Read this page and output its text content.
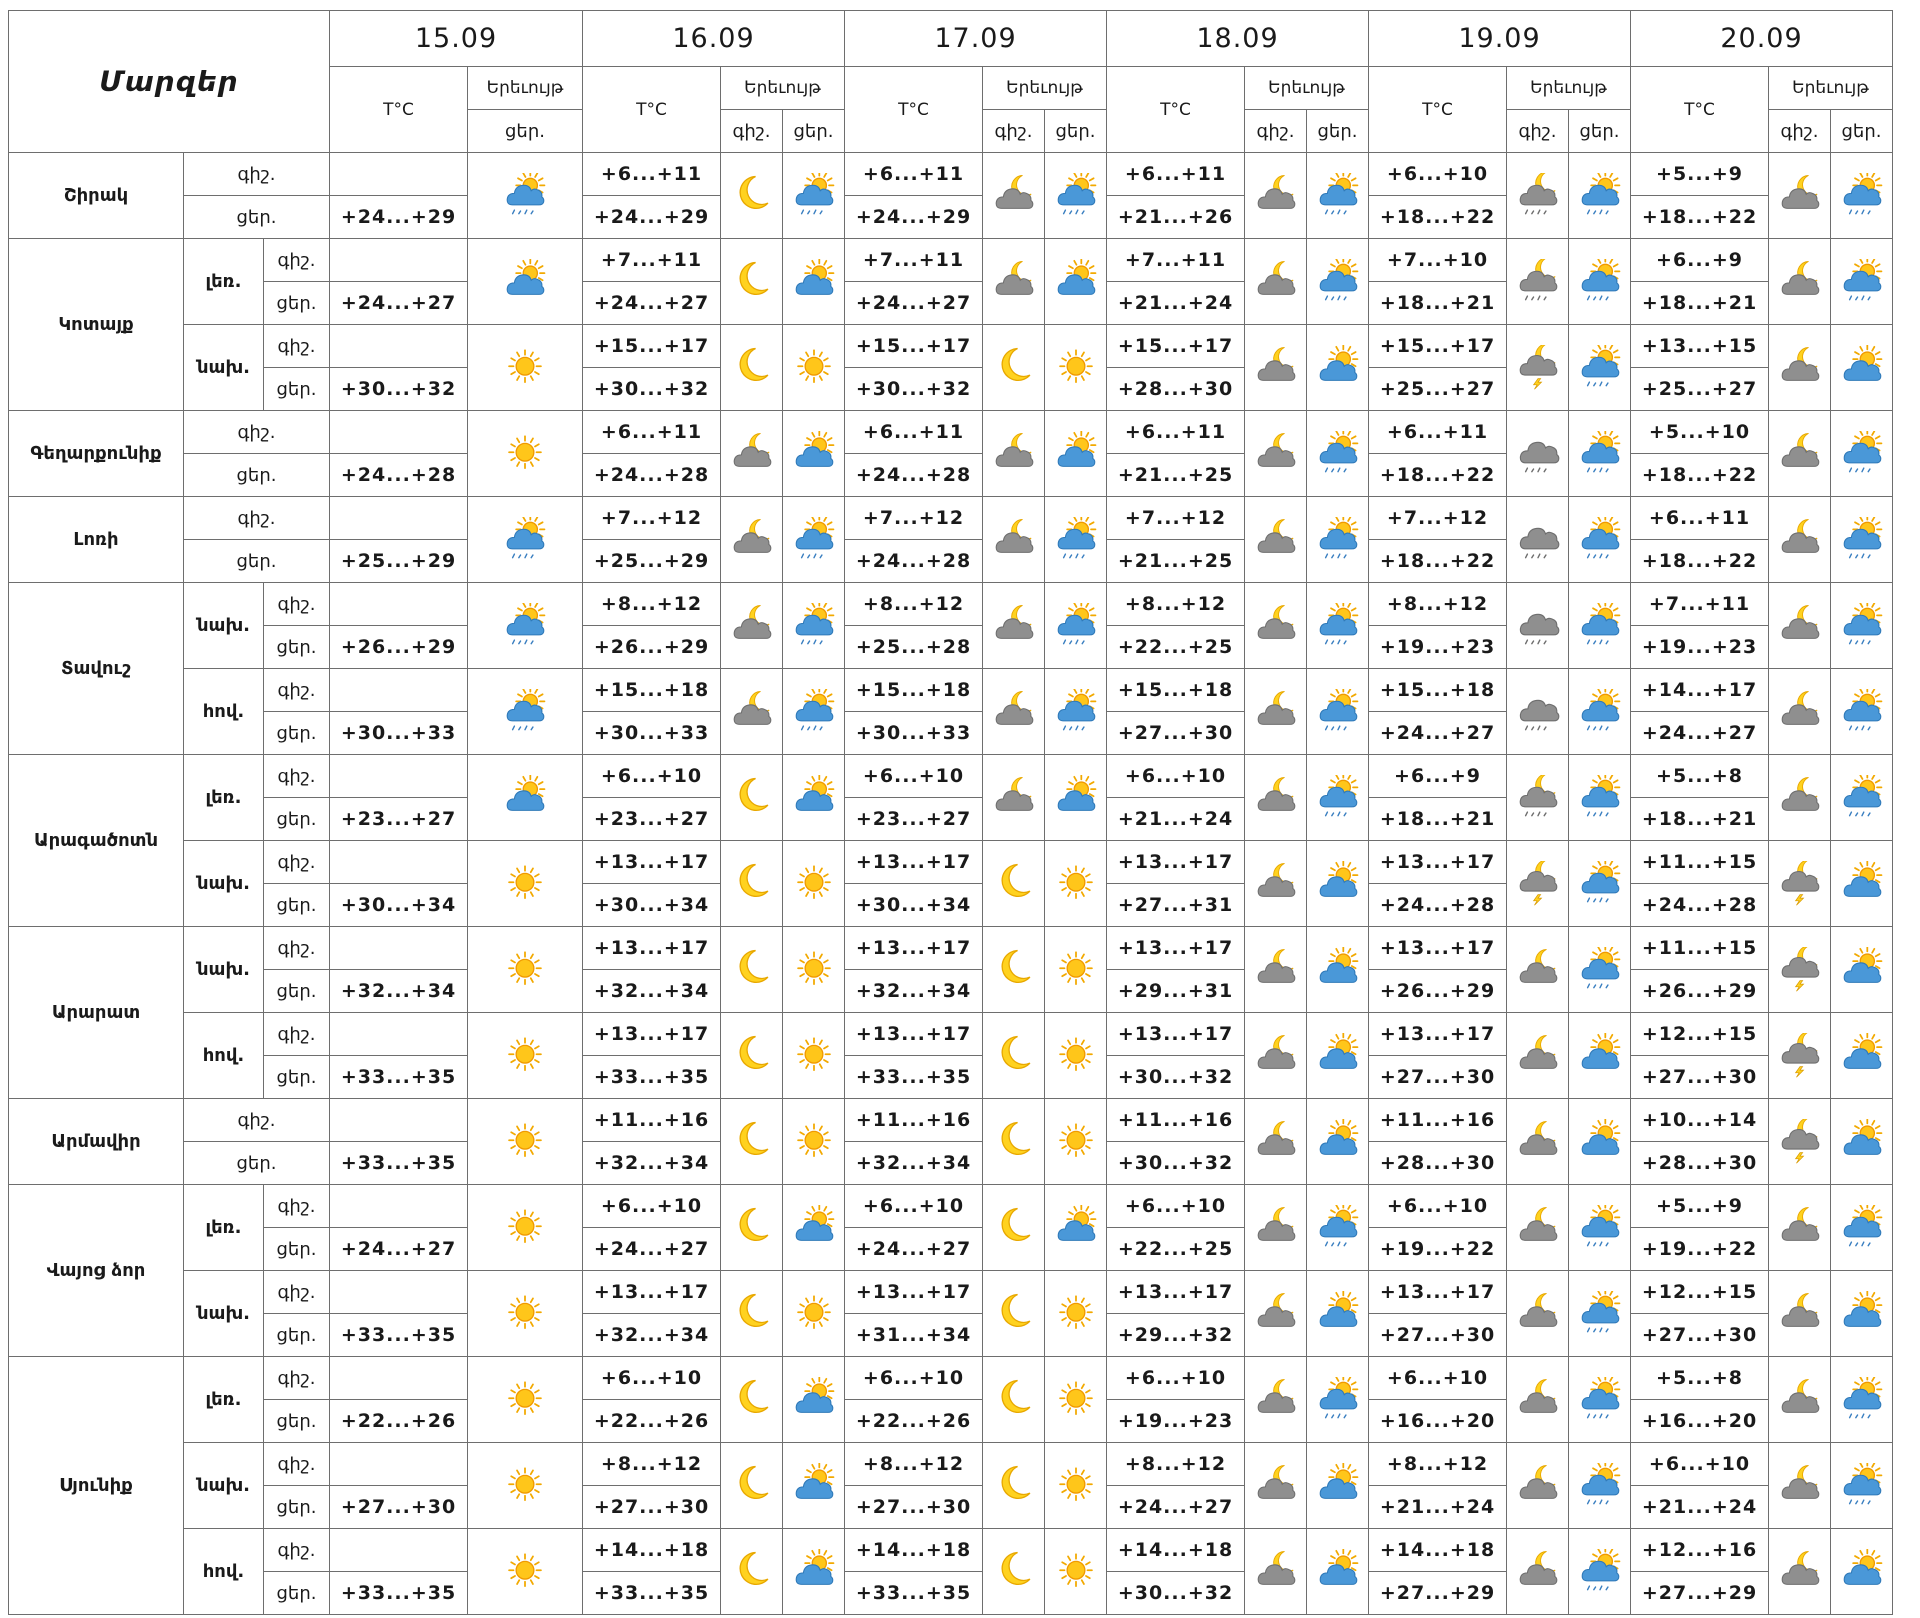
Մարզեր			15.09		16.09			17.09			18.09			19.09			20.09		
			T°C	Երեւույթ	T°C	Երեւույթ		T°C	Երեւույթ		T°C	Երեւույթ		T°C	Երեւույթ		T°C	Երեւույթ	
				ցեր.		գիշ.	ցեր.		գիշ.	ցեր.		գիշ.	ցեր.		գիշ.	ցեր.		գիշ.	ցեր.
Շիրակ	գիշ.				+6...+11			+6...+11			+6...+11			+6...+10			+5...+9	

	ցեր.		+24...+29		+24...+29			+24...+29			+21...+26			+18...+22			+18...+22		
Կոտայք	լեռ.	գիշ.			+7...+11			+7...+11			+7...+11			+7...+10			+6...+9	

		ցեր.	+24...+27		+24...+27			+24...+27			+21...+24			+18...+21			+18...+21		
	նախ.	գիշ.			+15...+17			+15...+17			+15...+17			+15...+17			+13...+15	

		ցեր.	+30...+32		+30...+32			+30...+32			+28...+30			+25...+27			+25...+27		
Գեղարքունիք	գիշ.				+6...+11			+6...+11			+6...+11			+6...+11			+5...+10	

	ցեր.		+24...+28		+24...+28			+24...+28			+21...+25			+18...+22			+18...+22		
Լոռի	գիշ.				+7...+12			+7...+12			+7...+12			+7...+12			+6...+11	

	ցեր.		+25...+29		+25...+29			+24...+28			+21...+25			+18...+22			+18...+22		
Տավուշ	նախ.	գիշ.			+8...+12			+8...+12			+8...+12			+8...+12			+7...+11	

		ցեր.	+26...+29		+26...+29			+25...+28			+22...+25			+19...+23			+19...+23		
	հով.	գիշ.			+15...+18			+15...+18			+15...+18			+15...+18			+14...+17	

		ցեր.	+30...+33		+30...+33			+30...+33			+27...+30			+24...+27			+24...+27		
Արագածոտն	լեռ.	գիշ.			+6...+10			+6...+10			+6...+10			+6...+9			+5...+8	

		ցեր.	+23...+27		+23...+27			+23...+27			+21...+24			+18...+21			+18...+21		
	նախ.	գիշ.			+13...+17			+13...+17			+13...+17			+13...+17			+11...+15	

		ցեր.	+30...+34		+30...+34			+30...+34			+27...+31			+24...+28			+24...+28		
Արարատ	նախ.	գիշ.			+13...+17			+13...+17			+13...+17			+13...+17			+11...+15	

		ցեր.	+32...+34		+32...+34			+32...+34			+29...+31			+26...+29			+26...+29		
	հով.	գիշ.			+13...+17			+13...+17			+13...+17			+13...+17			+12...+15	

		ցեր.	+33...+35		+33...+35			+33...+35			+30...+32			+27...+30			+27...+30		
Արմավիր	գիշ.				+11...+16			+11...+16			+11...+16			+11...+16			+10...+14	

	ցեր.		+33...+35		+32...+34			+32...+34			+30...+32			+28...+30			+28...+30		
Վայոց ձոր	լեռ.	գիշ.			+6...+10			+6...+10			+6...+10			+6...+10			+5...+9	

		ցեր.	+24...+27		+24...+27			+24...+27			+22...+25			+19...+22			+19...+22		
	նախ.	գիշ.			+13...+17			+13...+17			+13...+17			+13...+17			+12...+15	

		ցեր.	+33...+35		+32...+34			+31...+34			+29...+32			+27...+30			+27...+30		
Սյունիք	լեռ.	գիշ.			+6...+10			+6...+10			+6...+10			+6...+10			+5...+8	

		ցեր.	+22...+26		+22...+26			+22...+26			+19...+23			+16...+20			+16...+20		
	նախ.	գիշ.			+8...+12			+8...+12			+8...+12			+8...+12			+6...+10	

		ցեր.	+27...+30		+27...+30			+27...+30			+24...+27			+21...+24			+21...+24		
	հով.	գիշ.			+14...+18			+14...+18			+14...+18			+14...+18			+12...+16	

		ցեր.	+33...+35		+33...+35			+33...+35			+30...+32			+27...+29			+27...+29		
